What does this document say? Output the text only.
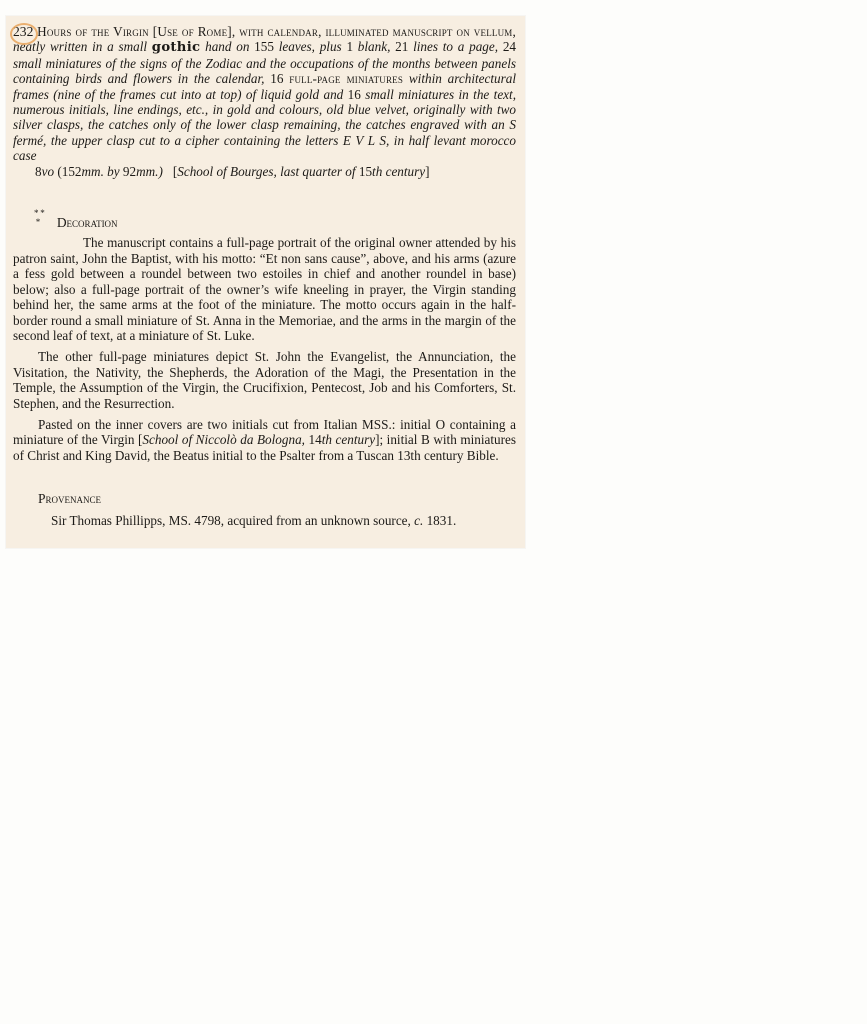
232 Hours of the Virgin [Use of Rome], with calendar, illuminated manuscript on vellum, neatly written in a small gothic hand on 155 leaves, plus 1 blank, 21 lines to a page, 24 small miniatures of the signs of the Zodiac and the occupations of the months between panels containing birds and flowers in the calendar, 16 full-page miniatures within architectural frames (nine of the frames cut into at top) of liquid gold and 16 small miniatures in the text, numerous initials, line endings, etc., in gold and colours, old blue velvet, originally with two silver clasps, the catches only of the lower clasp remaining, the catches engraved with an S fermé, the upper clasp cut to a cipher containing the letters E V L S, in half levant morocco case

8vo (152mm. by 92mm.) [School of Bourges, last quarter of 15th century]

* *
 * Decoration

The manuscript contains a full-page portrait of the original owner attended by his patron saint, John the Baptist, with his motto: “Et non sans cause”, above, and his arms (azure a fess gold between a roundel between two estoiles in chief and another roundel in base) below; also a full-page portrait of the owner’s wife kneeling in prayer, the Virgin standing behind her, the same arms at the foot of the miniature. The motto occurs again in the half-border round a small miniature of St. Anna in the Memoriae, and the arms in the margin of the second leaf of text, at a miniature of St. Luke.

The other full-page miniatures depict St. John the Evangelist, the Annunciation, the Visitation, the Nativity, the Shepherds, the Adoration of the Magi, the Presentation in the Temple, the Assumption of the Virgin, the Crucifixion, Pentecost, Job and his Comforters, St. Stephen, and the Resurrection.

Pasted on the inner covers are two initials cut from Italian MSS.: initial O containing a miniature of the Virgin [School of Niccolò da Bologna, 14th century]; initial B with miniatures of Christ and King David, the Beatus initial to the Psalter from a Tuscan 13th century Bible.

Provenance

Sir Thomas Phillipps, MS. 4798, acquired from an unknown source, c. 1831.
